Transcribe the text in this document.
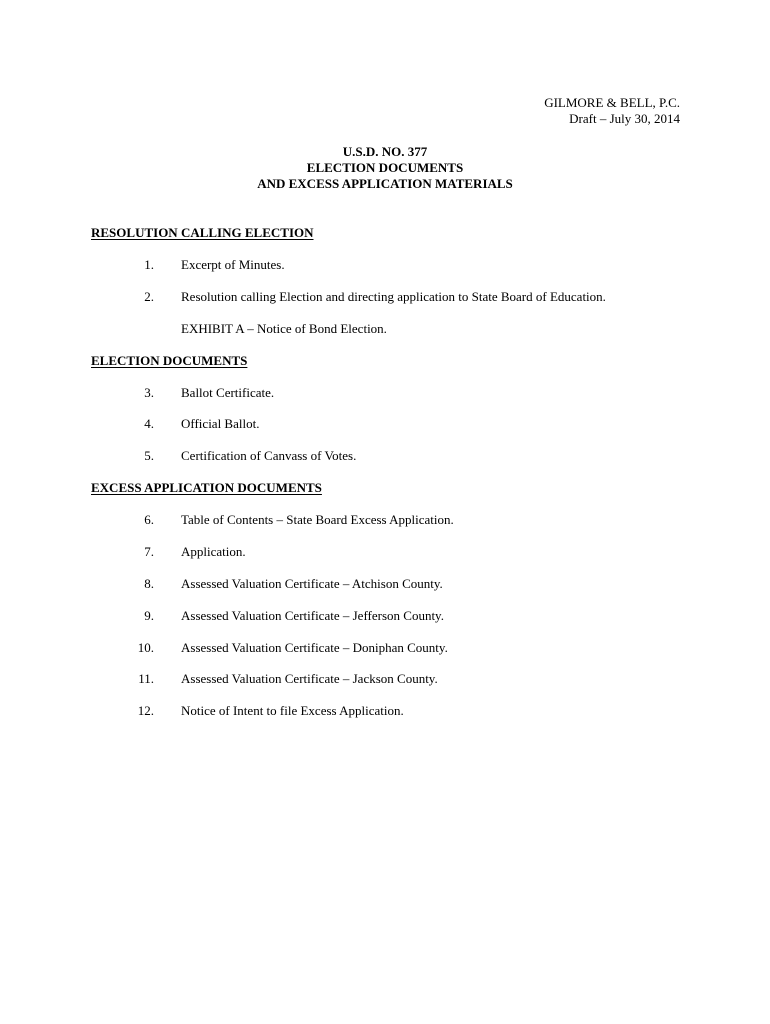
GILMORE & BELL, P.C.
Draft – July 30, 2014
U.S.D. NO. 377
ELECTION DOCUMENTS
AND EXCESS APPLICATION MATERIALS
RESOLUTION CALLING ELECTION
1. Excerpt of Minutes.
2. Resolution calling Election and directing application to State Board of Education.
EXHIBIT A – Notice of Bond Election.
ELECTION DOCUMENTS
3. Ballot Certificate.
4. Official Ballot.
5. Certification of Canvass of Votes.
EXCESS APPLICATION DOCUMENTS
6. Table of Contents – State Board Excess Application.
7. Application.
8. Assessed Valuation Certificate – Atchison County.
9. Assessed Valuation Certificate – Jefferson County.
10. Assessed Valuation Certificate – Doniphan County.
11. Assessed Valuation Certificate – Jackson County.
12. Notice of Intent to file Excess Application.
